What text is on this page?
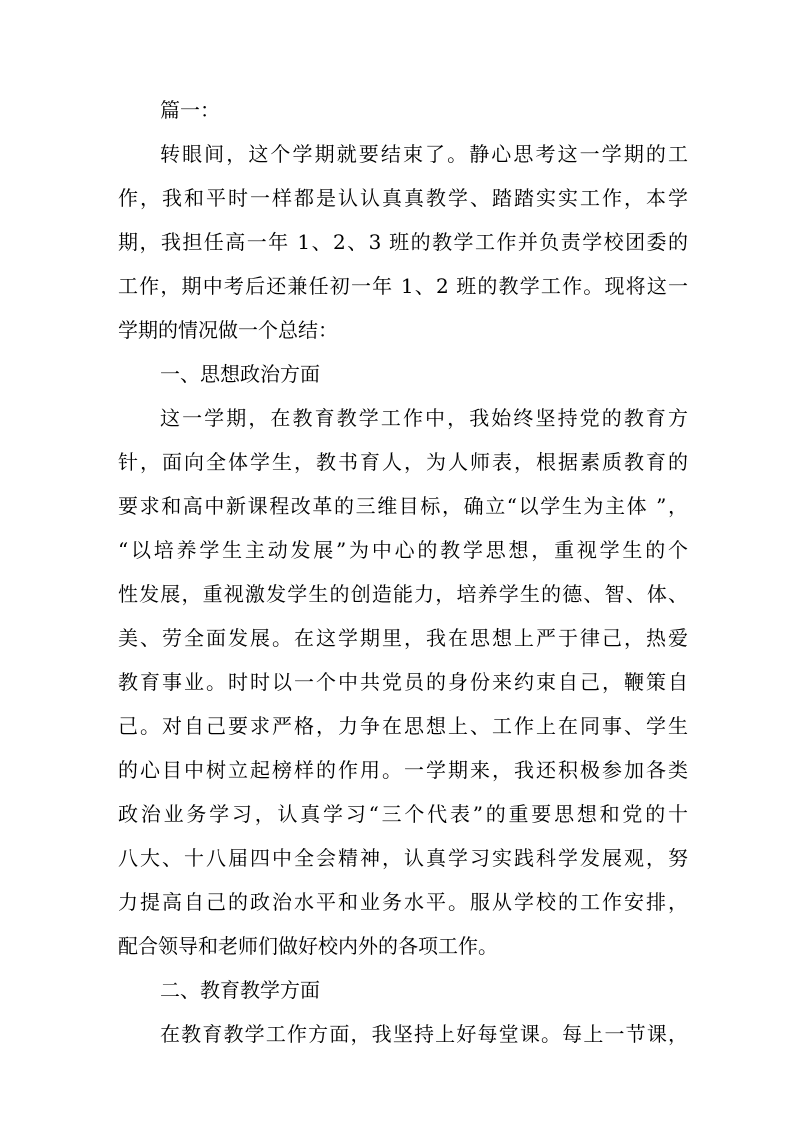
篇一：
转眼间，这个学期就要结束了。静心思考这一学期的工
作，我和平时一样都是认认真真教学、踏踏实实工作，本学
期，我担任高一年 1、2、3 班的教学工作并负责学校团委的
工作，期中考后还兼任初一年 1、2 班的教学工作。现将这一
学期的情况做一个总结：
一、思想政治方面
这一学期，在教育教学工作中，我始终坚持党的教育方
针，面向全体学生，教书育人，为人师表，根据素质教育的
要求和高中新课程改革的三维目标，确立“以学生为主体 ”，
“以培养学生主动发展”为中心的教学思想，重视学生的个
性发展，重视激发学生的创造能力，培养学生的德、智、体、
美、劳全面发展。在这学期里，我在思想上严于律己，热爱
教育事业。时时以一个中共党员的身份来约束自己，鞭策自
己。对自己要求严格，力争在思想上、工作上在同事、学生
的心目中树立起榜样的作用。一学期来，我还积极参加各类
政治业务学习，认真学习“三个代表”的重要思想和党的十
八大、十八届四中全会精神，认真学习实践科学发展观，努
力提高自己的政治水平和业务水平。服从学校的工作安排，
配合领导和老师们做好校内外的各项工作。
二、教育教学方面
在教育教学工作方面，我坚持上好每堂课。每上一节课，
